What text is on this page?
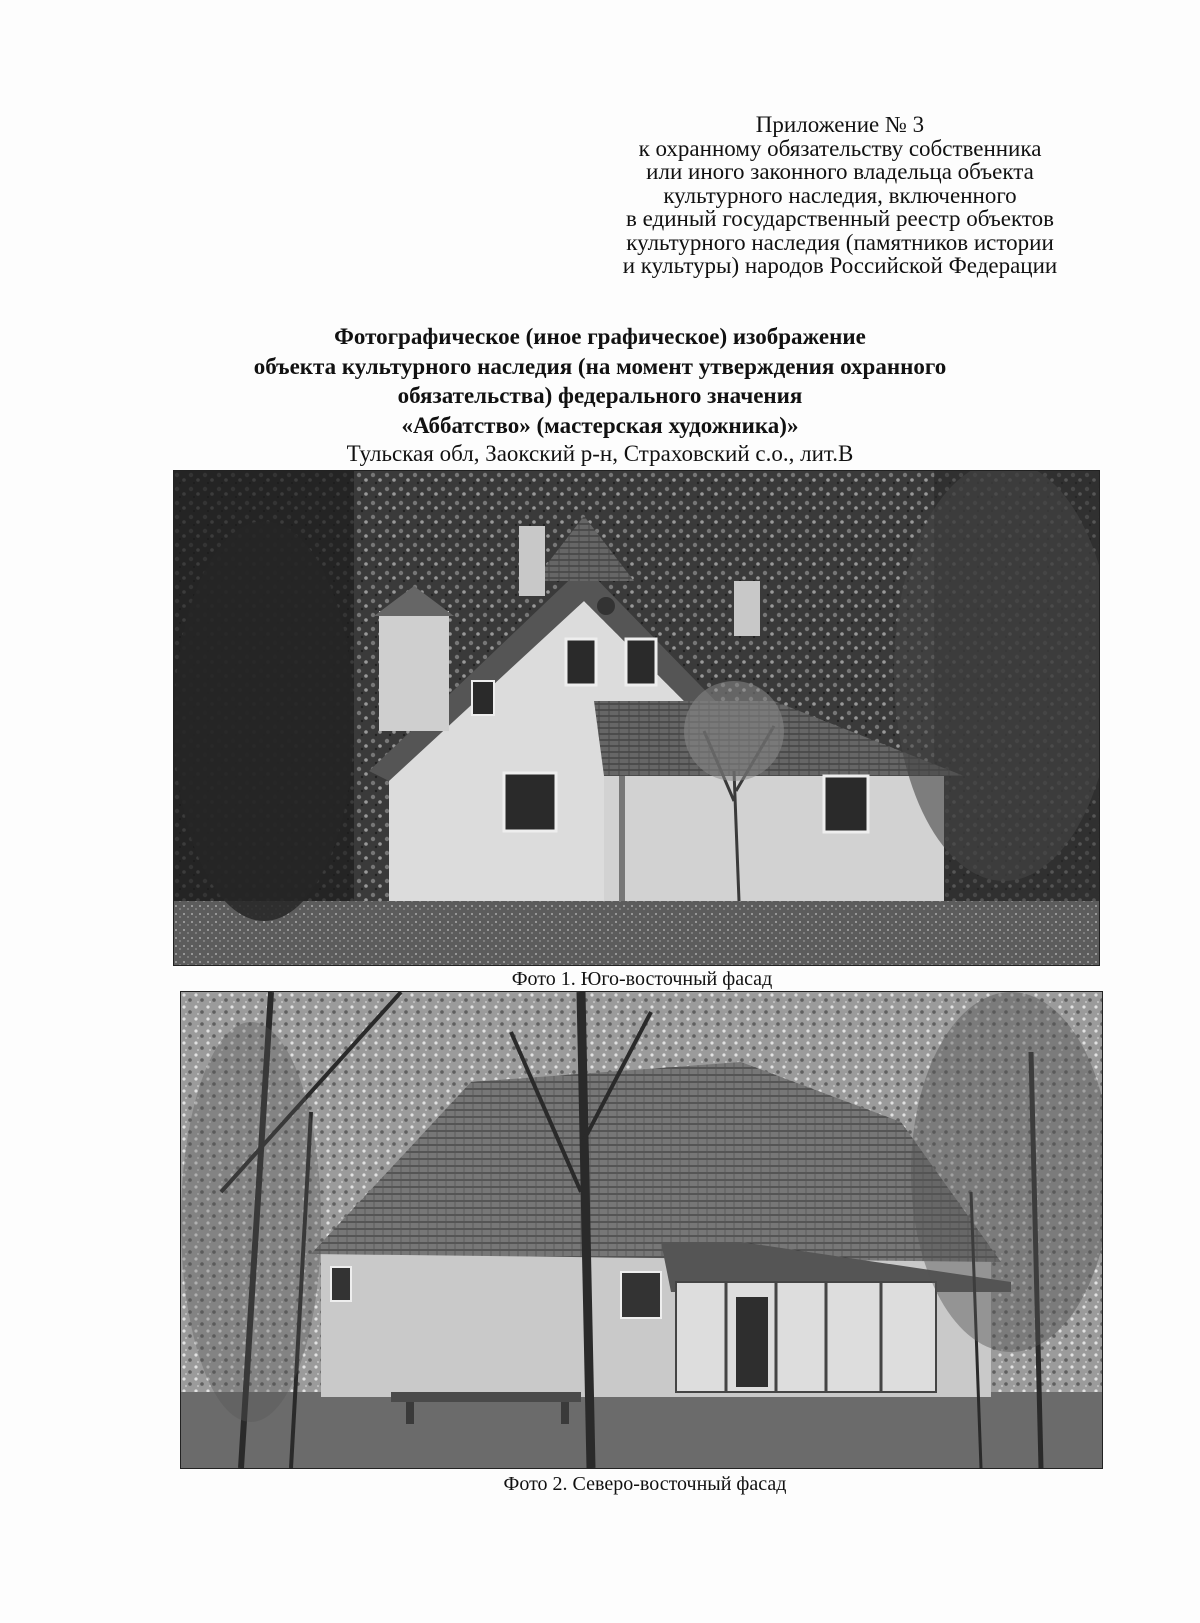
Приложение № 3
к охранному обязательству собственника
или иного законного владельца объекта
культурного наследия, включенного
в единый государственный реестр объектов
культурного наследия (памятников истории
и культуры) народов Российской Федерации
Фотографическое (иное графическое) изображение
объекта культурного наследия (на момент утверждения охранного
обязательства) федерального значения
«Аббатство» (мастерская художника)»
Тульская обл, Заокский р-н, Страховский с.о., лит.В
Фото 1. Юго-восточный фасад
Фото 2. Северо-восточный фасад
